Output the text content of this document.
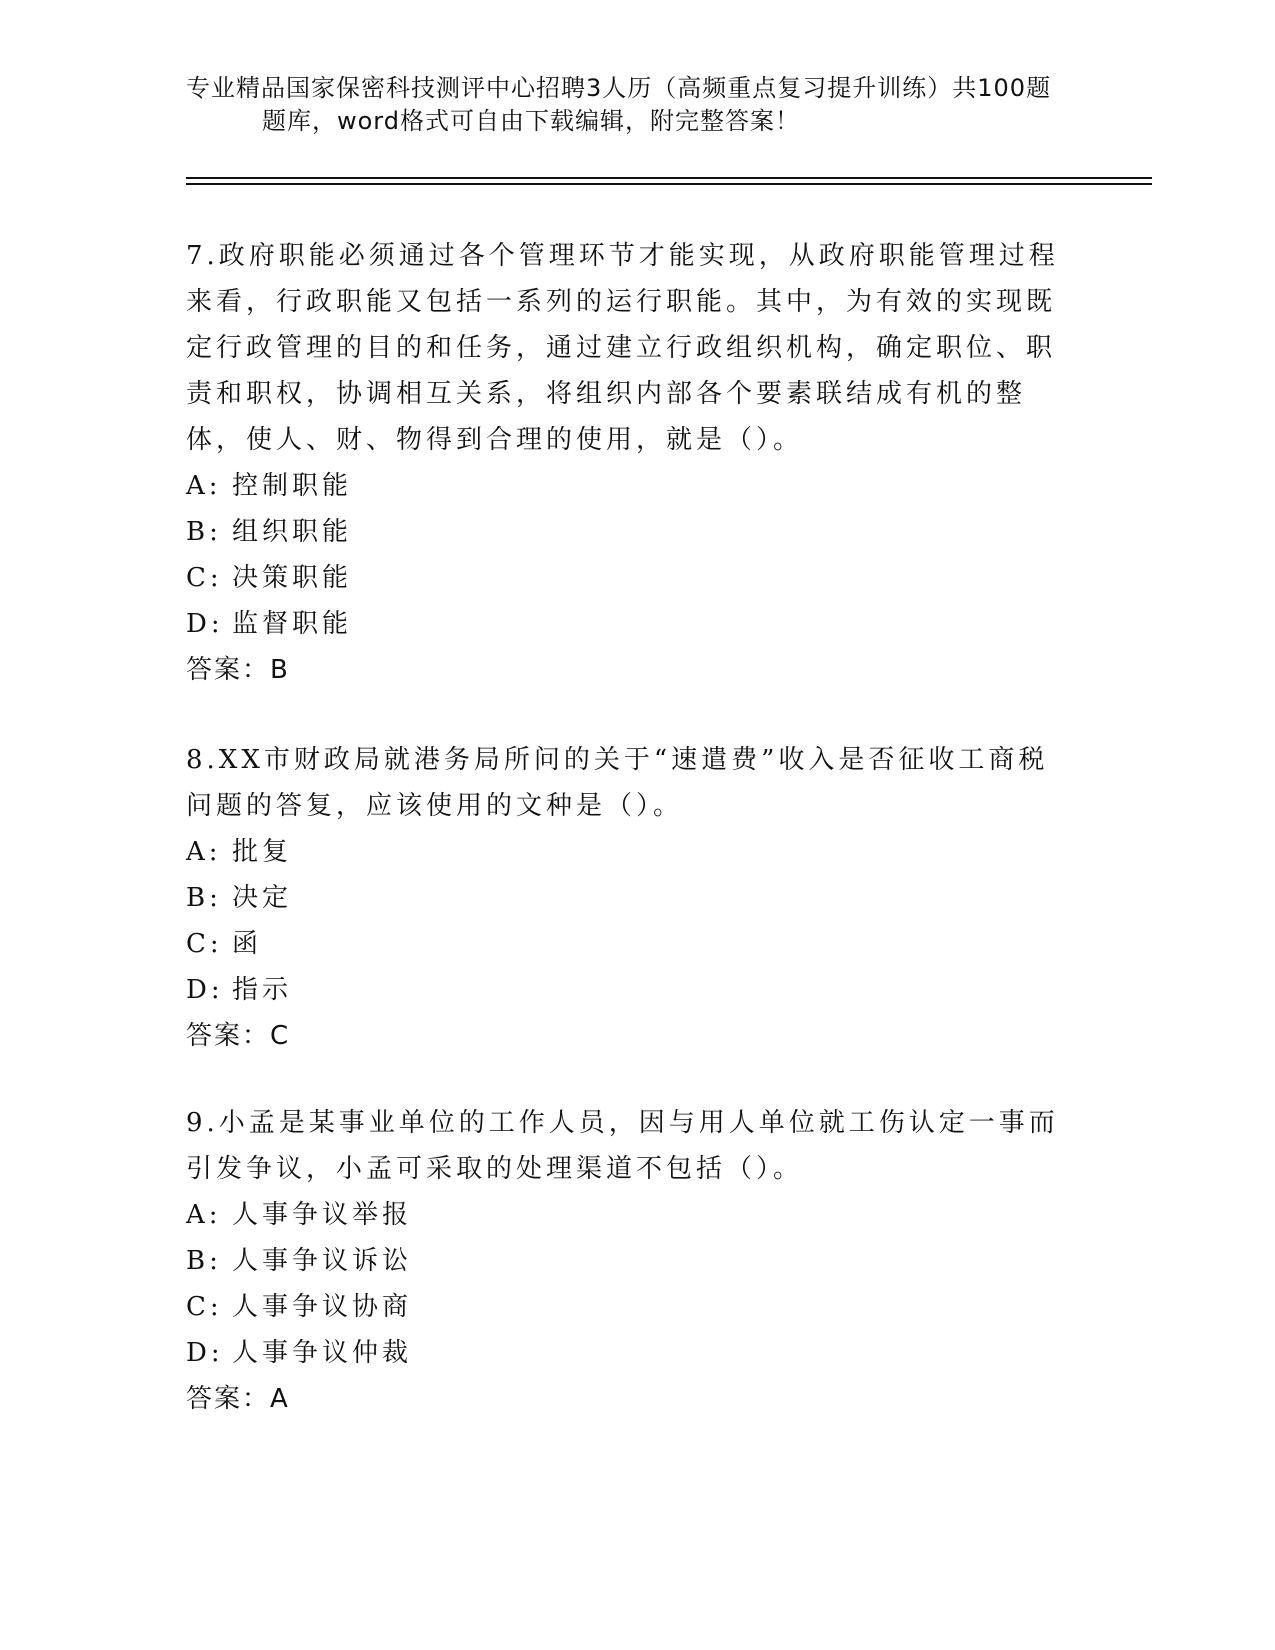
专业精品国家保密科技测评中心招聘3人历（高频重点复习提升训练）共100题
题库，word格式可自由下载编辑，附完整答案！

7.政府职能必须通过各个管理环节才能实现，从政府职能管理过程来看，行政职能又包括一系列的运行职能。其中，为有效的实现既定行政管理的目的和任务，通过建立行政组织机构，确定职位、职责和职权，协调相互关系，将组织内部各个要素联结成有机的整体，使人、财、物得到合理的使用，就是（）。

A: 控制职能
B: 组织职能
C: 决策职能
D: 监督职能
答案：B

8.XX市财政局就港务局所问的关于“速遣费”收入是否征收工商税问题的答复，应该使用的文种是（）。

A: 批复
B: 决定
C: 函
D: 指示
答案：C

9.小孟是某事业单位的工作人员，因与用人单位就工伤认定一事而引发争议，小孟可采取的处理渠道不包括（）。

A: 人事争议举报
B: 人事争议诉讼
C: 人事争议协商
D: 人事争议仲裁
答案：A
